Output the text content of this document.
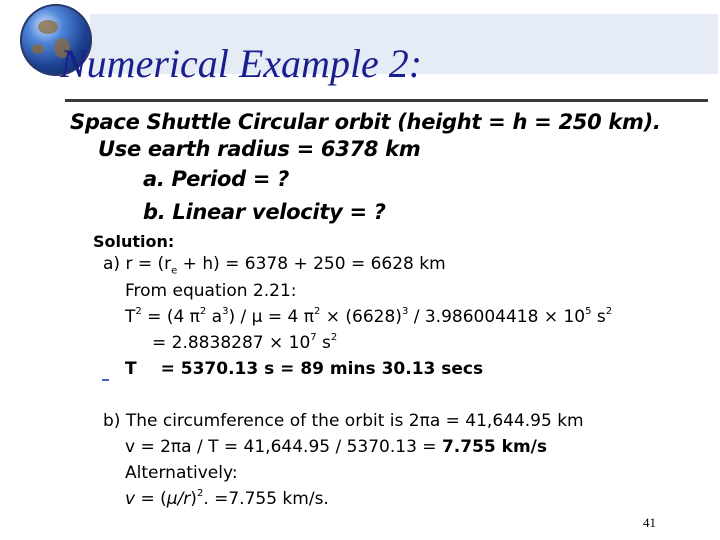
Numerical Example 2:
Space Shuttle Circular orbit (height = h = 250 km).
Use earth radius = 6378 km
a. Period = ?
b. Linear velocity = ?
Solution:
a) $r = (r_e + h) = 6378 + 250 = 6628$ km
From equation 2.21:
$T^2 = (4$ $\pi^2$ $a^3) / \mu = 4$ $\pi^2 \times (6628)^3 / 3.986004418 \times 10^5$ $s^2$
= $2.8838287 \times 10^7$ $s^2$
T = 5370.13 s = 89 mins 30.13 secs
b) The circumference of the orbit is 2πa = 41,644.95 km
v = 2πa / T = 41,644.95 / 5370.13 = 7.755 km/s
Alternatively:
$v = (\mu/r)^2$. =7.755 km/s.
41
